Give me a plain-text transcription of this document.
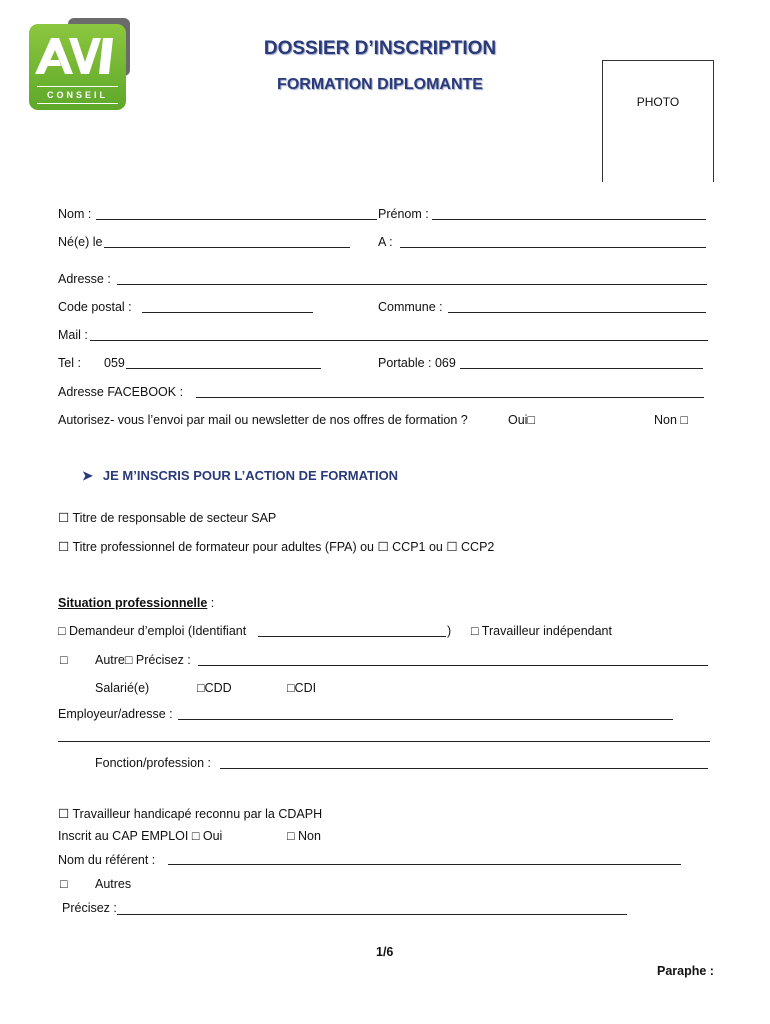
CONSEIL
DOSSIER D’INSCRIPTION
FORMATION DIPLOMANTE
PHOTO
Nom :	Prénom :
Né(e) le	A :
Adresse :
Code postal :	Commune :
Mail :
Tel : 059	Portable : 069
Adresse FACEBOOK :
Autorisez- vous l’envoi par mail ou newsletter de nos offres de formation ?	Oui□	Non □
➤ JE M’INSCRIS POUR L’ACTION DE FORMATION
☐ Titre de responsable de secteur SAP
☐ Titre professionnel de formateur pour adultes (FPA) ou ☐ CCP1 ou ☐ CCP2
Situation professionnelle :
□ Demandeur d’emploi (Identifiant	) □ Travailleur indépendant
□ Autre□ Précisez :
Salarié(e)	□CDD	□CDI
Employeur/adresse :
Fonction/profession :
☐ Travailleur handicapé reconnu par la CDAPH
Inscrit au CAP EMPLOI □ Oui	□ Non
Nom du référent :
□ Autres
Précisez :
1/6
Paraphe :
